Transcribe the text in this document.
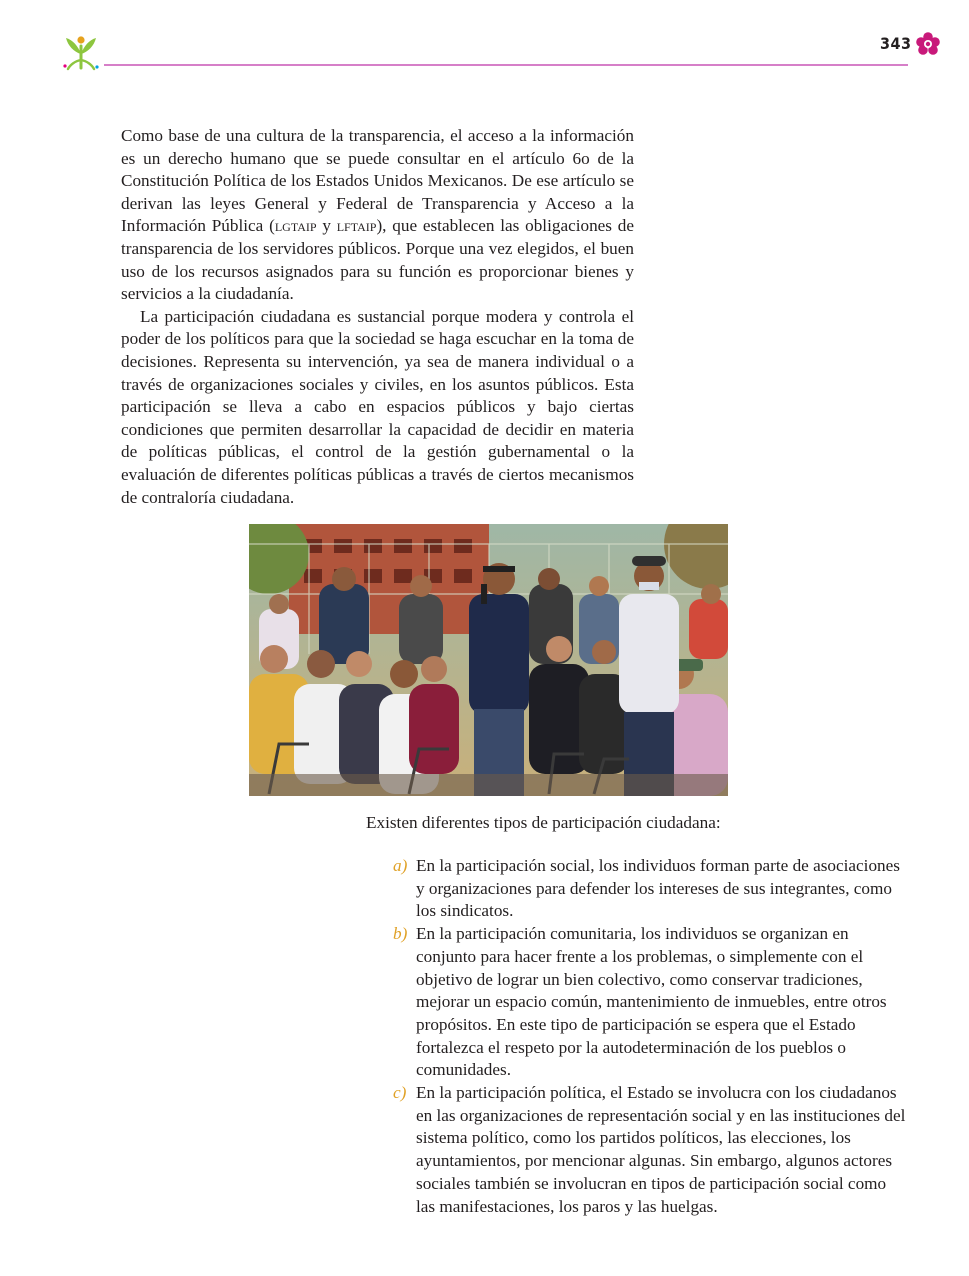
343

Como base de una cultura de la transparencia, el acceso a la información es un derecho humano que se puede consultar en el artículo 6o de la Constitución Política de los Estados Unidos Mexicanos. De ese artículo se derivan las leyes General y Federal de Transparencia y Acceso a la Información Pública (lgtaip y lftaip), que establecen las obligaciones de transparencia de los servidores públicos. Porque una vez elegidos, el buen uso de los recursos asignados para su función es proporcionar bienes y servicios a la ciudadanía.

La participación ciudadana es sustancial porque modera y controla el poder de los políticos para que la sociedad se haga escuchar en la toma de decisiones. Representa su intervención, ya sea de manera individual o a través de organizaciones sociales y civiles, en los asuntos públicos. Esta participación se lleva a cabo en espacios públicos y bajo ciertas condiciones que permiten desarrollar la capacidad de decidir en materia de políticas públicas, el control de la gestión gubernamental o la evaluación de diferentes políticas públicas a través de ciertos mecanismos de contraloría ciudadana.

Existen diferentes tipos de participación ciudadana:
a) En la participación social, los individuos forman parte de asociaciones y organizaciones para defender los intereses de sus integrantes, como los sindicatos.
b) En la participación comunitaria, los individuos se organizan en conjunto para hacer frente a los problemas, o simplemente con el objetivo de lograr un bien colectivo, como conservar tradiciones, mejorar un espacio común, mantenimiento de inmuebles, entre otros propósitos. En este tipo de participación se espera que el Estado fortalezca el respeto por la autodeterminación de los pueblos o comunidades.
c) En la participación política, el Estado se involucra con los ciudadanos en las organizaciones de representación social y en las instituciones del sistema político, como los partidos políticos, las elecciones, los ayuntamientos, por mencionar algunas. Sin embargo, algunos actores sociales también se involucran en tipos de participación social como las manifestaciones, los paros y las huelgas.
